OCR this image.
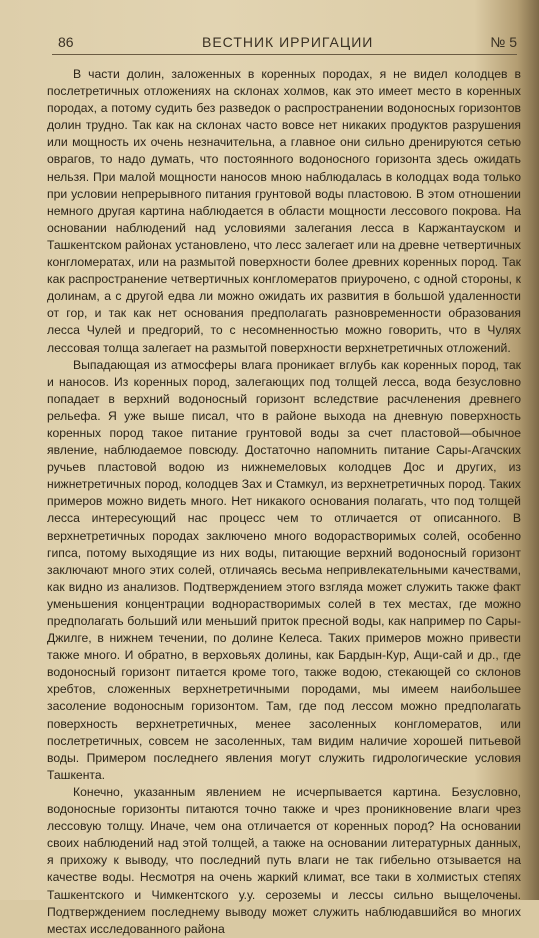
86	ВЕСТНИК ИРРИГАЦИИ	№ 5

В части долин, заложенных в коренных породах, я не видел колодцев в послетретичных отложениях на склонах холмов, как это имеет место в коренных породах, а потому судить без разведок о распространении водоносных горизонтов долин трудно. Так как на склонах часто вовсе нет никаких продуктов разрушения или мощность их очень незначительна, а главное они сильно дренируются сетью оврагов, то надо думать, что постоянного водоносного горизонта здесь ожидать нельзя. При малой мощности наносов мною наблюдалась в колодцах вода только при условии непрерывного питания грунтовой воды пластовою. В этом отношении немного другая картина наблюдается в области мощности лессового покрова. На основании наблюдений над условиями залегания лесса в Каржантауском и Ташкентском районах установлено, что лесс залегает или на древне четвертичных конгломератах, или на размытой поверхности более древних коренных пород. Так как распространение четвертичных конгломератов приурочено, с одной стороны, к долинам, а с другой едва ли можно ожидать их развития в большой удаленности от гор, и так как нет основания предполагать разновременности образования лесса Чулей и предгорий, то с несомненностью можно говорить, что в Чулях лессовая толща залегает на размытой поверхности верхнетретичных отложений.

Выпадающая из атмосферы влага проникает вглубь как коренных пород, так и наносов. Из коренных пород, залегающих под толщей лесса, вода безусловно попадает в верхний водоносный горизонт вследствие расчленения древнего рельефа. Я уже выше писал, что в районе выхода на дневную поверхность коренных пород такое питание грунтовой воды за счет пластовой—обычное явление, наблюдаемое повсюду. Достаточно напомнить питание Сары-Агачских ручьев пластовой водою из нижнемеловых колодцев Дос и других, из нижнетретичных пород, колодцев Зах и Стамкул, из верхнетретичных пород. Таких примеров можно видеть много. Нет никакого основания полагать, что под толщей лесса интересующий нас процесс чем то отличается от описанного. В верхнетретичных породах заключено много водорастворимых солей, особенно гипса, потому выходящие из них воды, питающие верхний водоносный горизонт заключают много этих солей, отличаясь весьма непривлекательными качествами, как видно из анализов. Подтверждением этого взгляда может служить также факт уменьшения концентрации воднорастворимых солей в тех местах, где можно предполагать больший или меньший приток пресной воды, как например по Сары-Джилге, в нижнем течении, по долине Келеса. Таких примеров можно привести также много. И обратно, в верховьях долины, как Бардын-Кур, Ащи-сай и др., где водоносный горизонт питается кроме того, также водою, стекающей со склонов хребтов, сложенных верхнетретичными породами, мы имеем наибольшее засоление водоносным горизонтом. Там, где под лессом можно предполагать поверхность верхнетретичных, менее засоленных конгломератов, или послетретичных, совсем не засоленных, там видим наличие хорошей питьевой воды. Примером последнего явления могут служить гидрологические условия Ташкента.

Конечно, указанным явлением не исчерпывается картина. Безусловно, водоносные горизонты питаются точно также и чрез проникновение влаги чрез лессовую толщу. Иначе, чем она отличается от коренных пород? На основании своих наблюдений над этой толщей, а также на основании литературных данных, я прихожу к выводу, что последний путь влаги не так гибельно отзывается на качестве воды. Несмотря на очень жаркий климат, все таки в холмистых степях Ташкентского и Чимкентского у.у. сероземы и лессы сильно выщелочены. Подтверждением последнему выводу может служить наблюдавшийся во многих местах исследованного района
